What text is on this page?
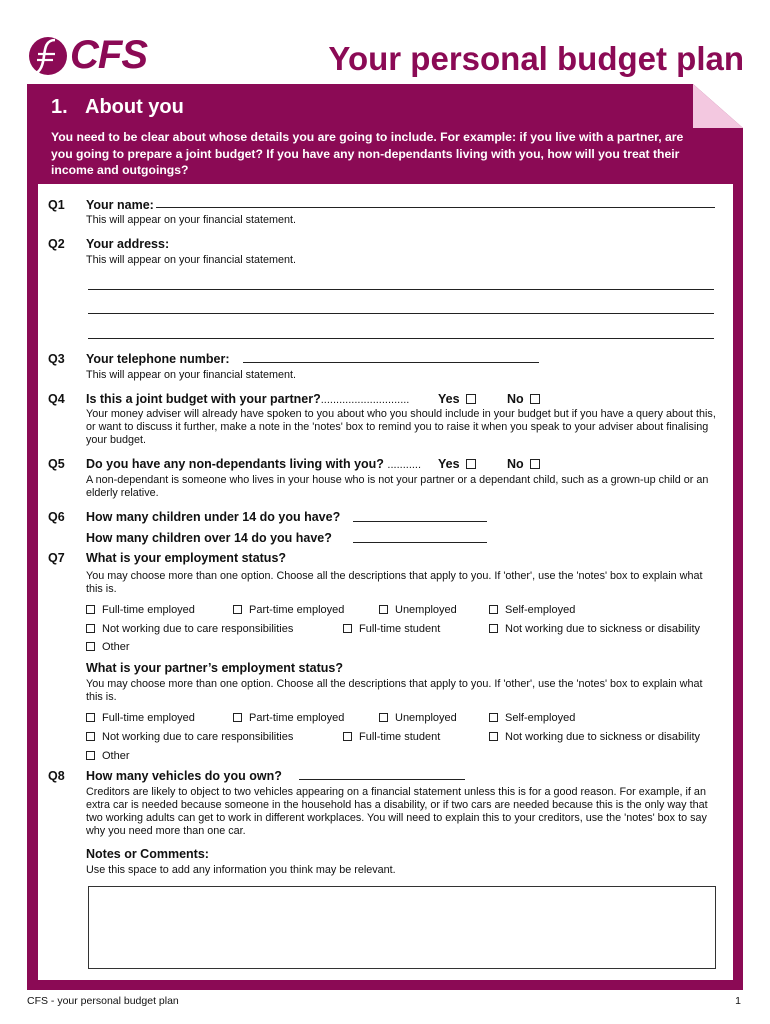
CFS	Your personal budget plan
1. About you
You need to be clear about whose details you are going to include. For example: if you live with a partner, are you going to prepare a joint budget? If you have any non-dependants living with you, how will you treat their income and outgoings?
Q1 Your name:
This will appear on your financial statement.
Q2 Your address:
This will appear on your financial statement.
Q3 Your telephone number:
This will appear on your financial statement.
Q4 Is this a joint budget with your partner?............................. Yes	No
Your money adviser will already have spoken to you about who you should include in your budget but if you have a query about this, or want to discuss it further, make a note in the 'notes' box to remind you to raise it when you speak to your adviser about finalising your budget.
Q5 Do you have any non-dependants living with you? ........... Yes	No
A non-dependant is someone who lives in your house who is not your partner or a dependant child, such as a grown-up child or an elderly relative.
Q6 How many children under 14 do you have?
How many children over 14 do you have?
Q7 What is your employment status?
You may choose more than one option. Choose all the descriptions that apply to you. If 'other', use the 'notes' box to explain what this is.
Full-time employed	Part-time employed	Unemployed	Self-employed
Not working due to care responsibilities	Full-time student	Not working due to sickness or disability
Other
What is your partner’s employment status?
You may choose more than one option. Choose all the descriptions that apply to you. If 'other', use the 'notes' box to explain what this is.
Full-time employed	Part-time employed	Unemployed	Self-employed
Not working due to care responsibilities	Full-time student	Not working due to sickness or disability
Other
Q8 How many vehicles do you own?
Creditors are likely to object to two vehicles appearing on a financial statement unless this is for a good reason. For example, if an extra car is needed because someone in the household has a disability, or if two cars are needed because this is the only way that two working adults can get to work in different workplaces. You will need to explain this to your creditors, use the 'notes' box to say why you need more than one car.
Notes or Comments:
Use this space to add any information you think may be relevant.
CFS - your personal budget plan	1
